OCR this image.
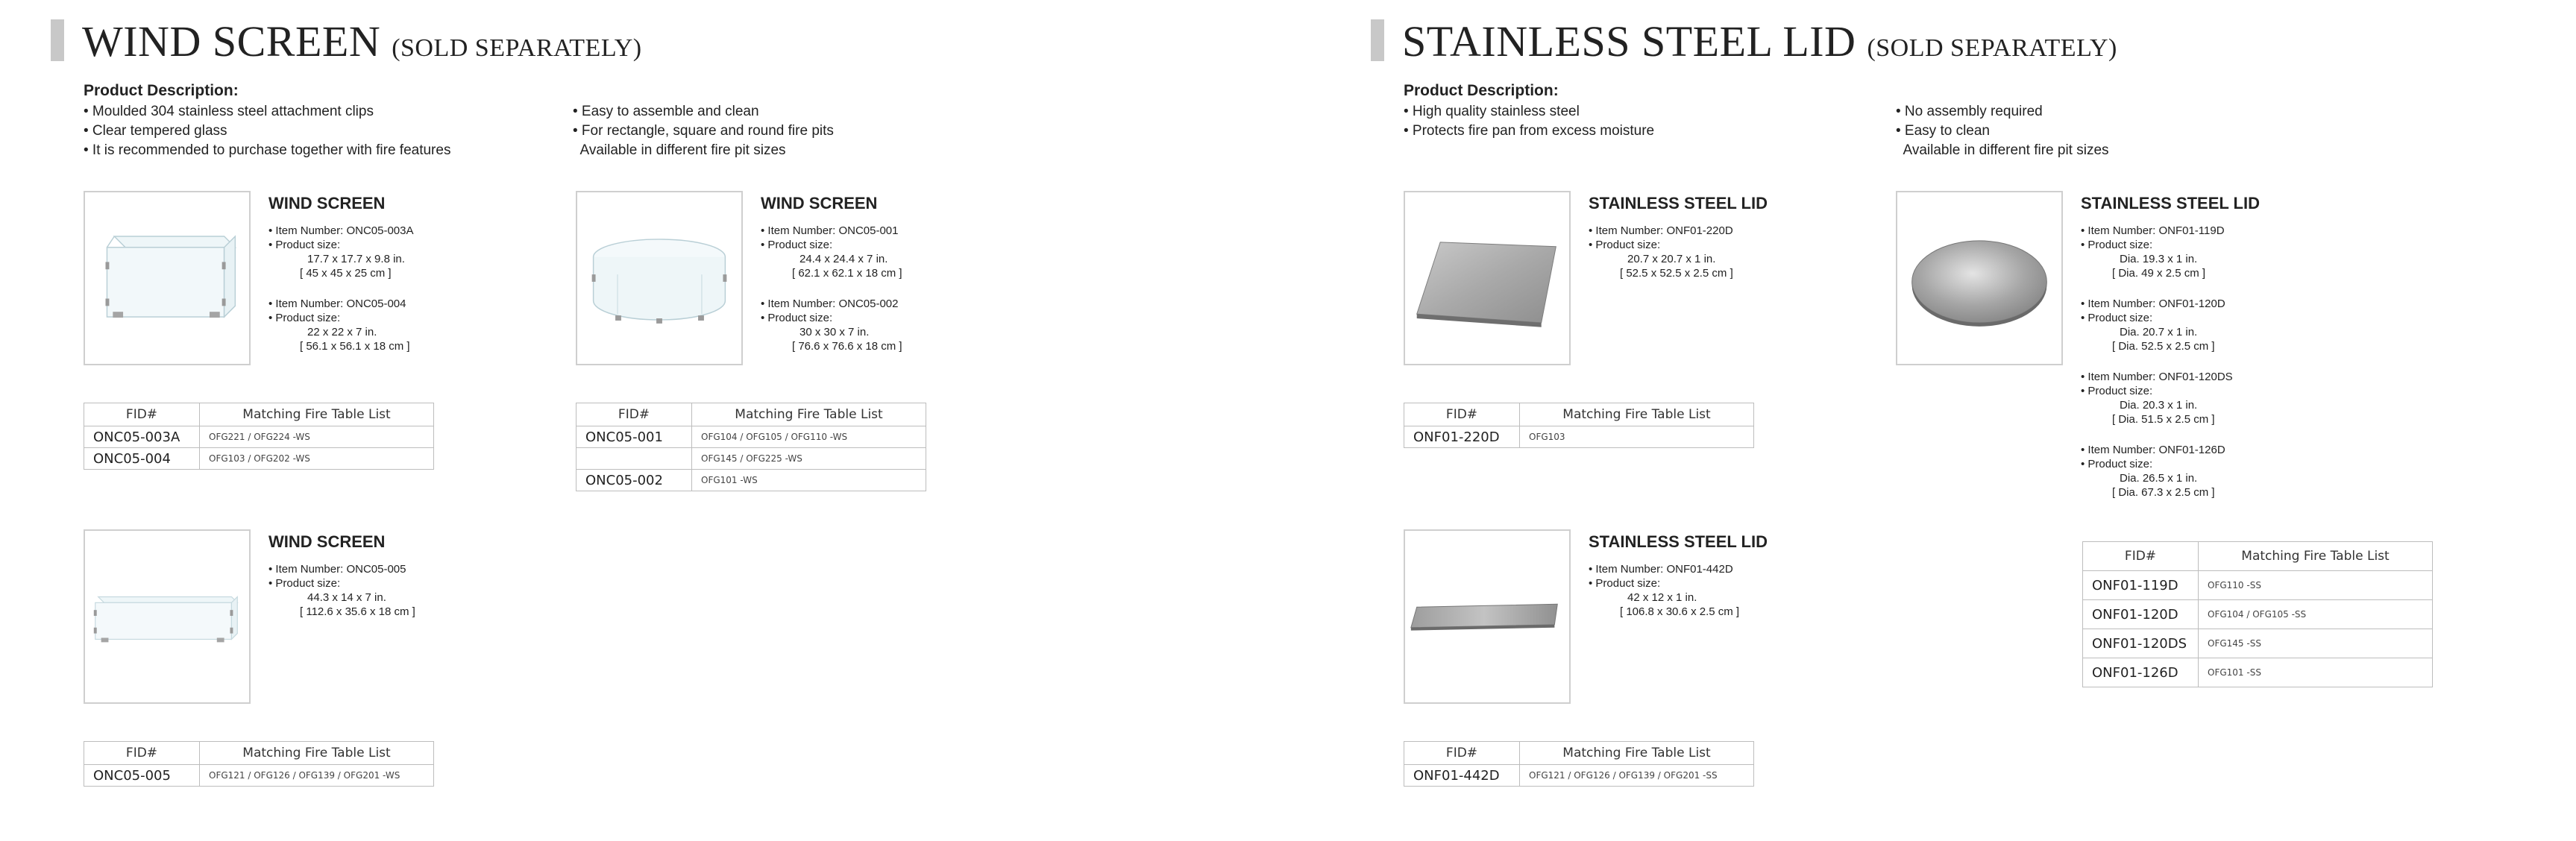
WIND SCREEN (SOLD SEPARATELY)
Product Description:
• Moulded 304 stainless steel attachment clips
• Clear tempered glass
• It is recommended to purchase together with fire features
• Easy to assemble and clean
• For rectangle, square and round fire pits
Available in different fire pit sizes
WIND SCREEN
• Item Number: ONC05-003A
• Product size:
17.7 x 17.7 x 9.8 in.
[ 45 x 45 x 25 cm ]
• Item Number: ONC05-004
• Product size:
22 x 22 x 7 in.
[ 56.1 x 56.1 x 18 cm ]
FID#	Matching Fire Table List
ONC05-003A	OFG221 / OFG224 -WS
ONC05-004	OFG103 / OFG202 -WS
WIND SCREEN
• Item Number: ONC05-001
• Product size:
24.4 x 24.4 x 7 in.
[ 62.1 x 62.1 x 18 cm ]
• Item Number: ONC05-002
• Product size:
30 x 30 x 7 in.
[ 76.6 x 76.6 x 18 cm ]
FID#	Matching Fire Table List
ONC05-001	OFG104 / OFG105 / OFG110 -WS
	OFG145 / OFG225 -WS
ONC05-002	OFG101 -WS
WIND SCREEN
• Item Number: ONC05-005
• Product size:
44.3 x 14 x 7 in.
[ 112.6 x 35.6 x 18 cm ]
FID#	Matching Fire Table List
ONC05-005	OFG121 / OFG126 / OFG139 / OFG201 -WS
STAINLESS STEEL LID (SOLD SEPARATELY)
Product Description:
• High quality stainless steel
• Protects fire pan from excess moisture
• No assembly required
• Easy to clean
Available in different fire pit sizes
STAINLESS STEEL LID
• Item Number: ONF01-220D
• Product size:
20.7 x 20.7 x 1 in.
[ 52.5 x 52.5 x 2.5 cm ]
FID#	Matching Fire Table List
ONF01-220D	OFG103
STAINLESS STEEL LID
• Item Number: ONF01-119D
• Product size:
Dia. 19.3 x 1 in.
[ Dia. 49 x 2.5 cm ]
• Item Number: ONF01-120D
• Product size:
Dia. 20.7 x 1 in.
[ Dia. 52.5 x 2.5 cm ]
• Item Number: ONF01-120DS
• Product size:
Dia. 20.3 x 1 in.
[ Dia. 51.5 x 2.5 cm ]
• Item Number: ONF01-126D
• Product size:
Dia. 26.5 x 1 in.
[ Dia. 67.3 x 2.5 cm ]
FID#	Matching Fire Table List
ONF01-119D	OFG110 -SS
ONF01-120D	OFG104 / OFG105 -SS
ONF01-120DS	OFG145 -SS
ONF01-126D	OFG101 -SS
STAINLESS STEEL LID
• Item Number: ONF01-442D
• Product size:
42 x 12 x 1 in.
[ 106.8 x 30.6 x 2.5 cm ]
FID#	Matching Fire Table List
ONF01-442D	OFG121 / OFG126 / OFG139 / OFG201 -SS
